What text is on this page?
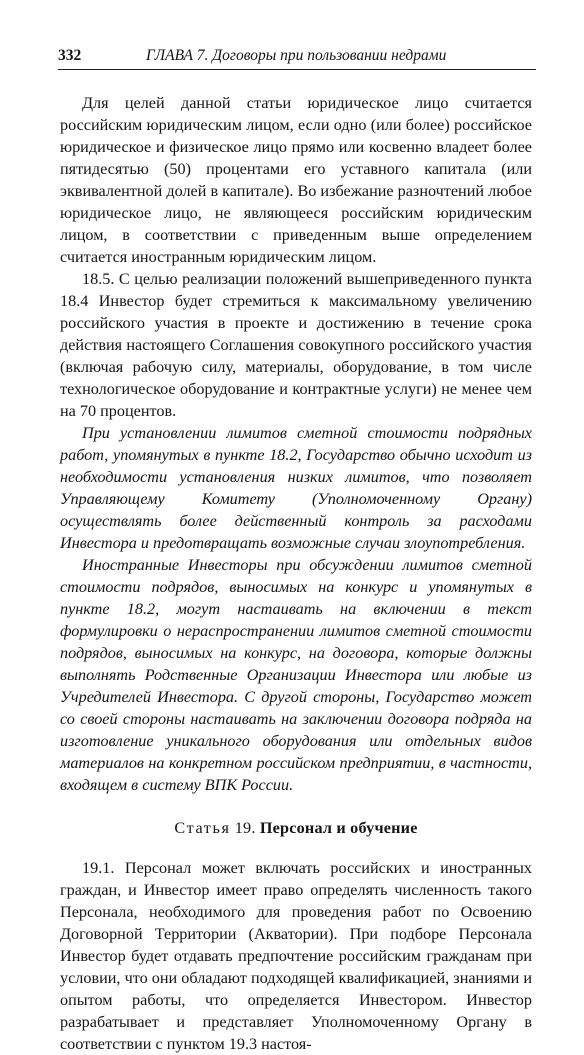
332	ГЛАВА 7. Договоры при пользовании недрами

Для целей данной статьи юридическое лицо считается российским юридическим лицом, если одно (или более) российское юридическое и физическое лицо прямо или косвенно владеет более пятидесятью (50) процентами его уставного капитала (или эквивалентной долей в капитале). Во избежание разночтений любое юридическое лицо, не являющееся российским юридическим лицом, в соответствии с приведенным выше определением считается иностранным юридическим лицом.

18.5. С целью реализации положений вышеприведенного пункта 18.4 Инвестор будет стремиться к максимальному увеличению российского участия в проекте и достижению в течение срока действия настоящего Соглашения совокупного российского участия (включая рабочую силу, материалы, оборудование, в том числе технологическое оборудование и контрактные услуги) не менее чем на 70 процентов.

При установлении лимитов сметной стоимости подрядных работ, упомянутых в пункте 18.2, Государство обычно исходит из необходимости установления низких лимитов, что позволяет Управляющему Комитету (Уполномоченному Органу) осуществлять более действенный контроль за расходами Инвестора и предотвращать возможные случаи злоупотребления.

Иностранные Инвесторы при обсуждении лимитов сметной стоимости подрядов, выносимых на конкурс и упомянутых в пункте 18.2, могут настаивать на включении в текст формулировки о нераспространении лимитов сметной стоимости подрядов, выносимых на конкурс, на договора, которые должны выполнять Родственные Организации Инвестора или любые из Учредителей Инвестора. С другой стороны, Государство может со своей стороны настаивать на заключении договора подряда на изготовление уникального оборудования или отдельных видов материалов на конкретном российском предприятии, в частности, входящем в систему ВПК России.

Статья 19. Персонал и обучение

19.1. Персонал может включать российских и иностранных граждан, и Инвестор имеет право определять численность такого Персонала, необходимого для проведения работ по Освоению Договорной Территории (Акватории). При подборе Персонала Инвестор будет отдавать предпочтение российским гражданам при условии, что они обладают подходящей квалификацией, знаниями и опытом работы, что определяется Инвестором. Инвестор разрабатывает и представляет Уполномоченному Органу в соответствии с пунктом 19.3 настоя-
